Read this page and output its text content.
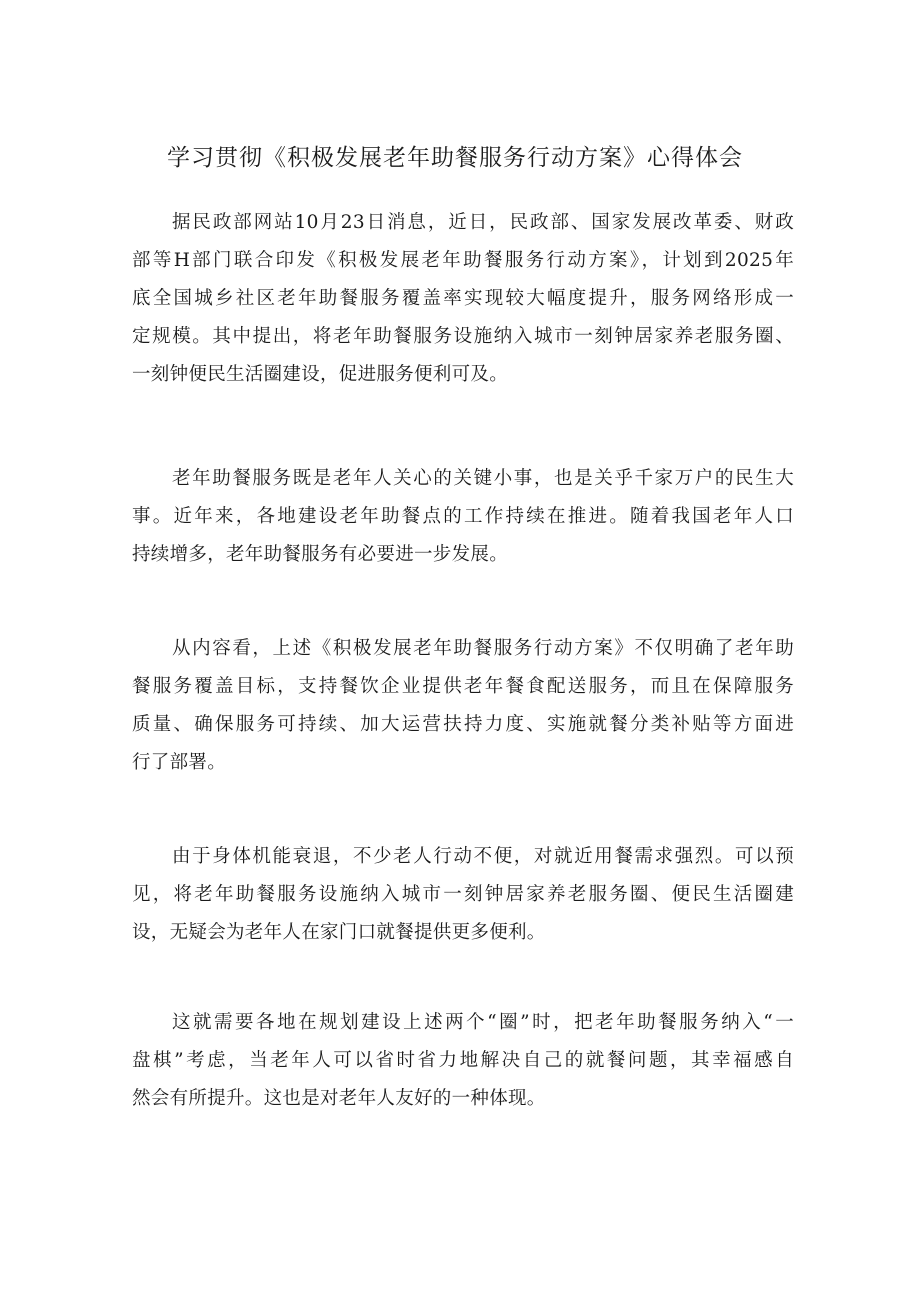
学习贯彻《积极发展老年助餐服务行动方案》心得体会
据民政部网站10月23日消息，近日，民政部、国家发展改革委、财政
部等H部门联合印发《积极发展老年助餐服务行动方案》，计划到2025年
底全国城乡社区老年助餐服务覆盖率实现较大幅度提升，服务网络形成一
定规模。其中提出，将老年助餐服务设施纳入城市一刻钟居家养老服务圈、
一刻钟便民生活圈建设，促进服务便利可及。
老年助餐服务既是老年人关心的关键小事，也是关乎千家万户的民生大
事。近年来，各地建设老年助餐点的工作持续在推进。随着我国老年人口
持续增多，老年助餐服务有必要进一步发展。
从内容看，上述《积极发展老年助餐服务行动方案》不仅明确了老年助
餐服务覆盖目标，支持餐饮企业提供老年餐食配送服务，而且在保障服务
质量、确保服务可持续、加大运营扶持力度、实施就餐分类补贴等方面进
行了部署。
由于身体机能衰退，不少老人行动不便，对就近用餐需求强烈。可以预
见，将老年助餐服务设施纳入城市一刻钟居家养老服务圈、便民生活圈建
设，无疑会为老年人在家门口就餐提供更多便利。
这就需要各地在规划建设上述两个“圈”时，把老年助餐服务纳入“一
盘棋”考虑，当老年人可以省时省力地解决自己的就餐问题，其幸福感自
然会有所提升。这也是对老年人友好的一种体现。
